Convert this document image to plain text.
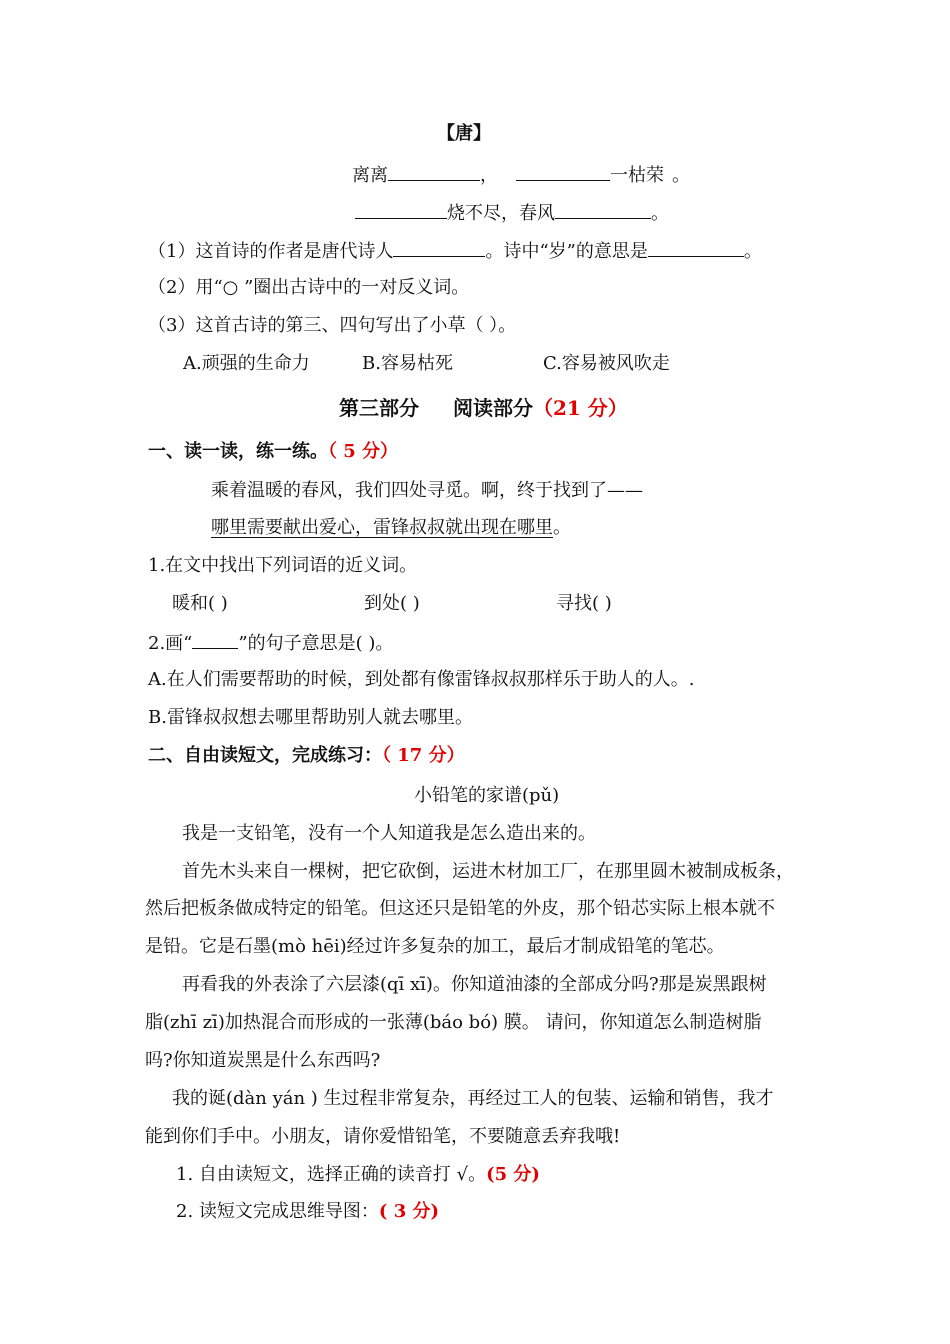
【唐】
离离	，	一枯荣 。
烧不尽，春风	。
（1）这首诗的作者是唐代诗人	。诗中“岁”的意思是	。
（2）用“○ ”圈出古诗中的一对反义词。
（3）这首古诗的第三、四句写出了小草（ ）。
A.顽强的生命力	B.容易枯死	C.容易被风吹走
第三部分 阅读部分（21 分）
一、读一读，练一练。（ 5 分）
乘着温暖的春风，我们四处寻觅。啊，终于找到了——
哪里需要献出爱心，雷锋叔叔就出现在哪里。
1.在文中找出下列词语的近义词。
暖和( )	到处( )	寻找( )
2.画“	”的句子意思是( )。
A.在人们需要帮助的时候，到处都有像雷锋叔叔那样乐于助人的人。.
B.雷锋叔叔想去哪里帮助别人就去哪里。
二、自由读短文，完成练习：（ 17 分）
小铅笔的家谱(pǔ)
我是一支铅笔，没有一个人知道我是怎么造出来的。
首先木头来自一棵树，把它砍倒，运进木材加工厂，在那里圆木被制成板条，
然后把板条做成特定的铅笔。但这还只是铅笔的外皮，那个铅芯实际上根本就不
是铅。它是石墨(mò hēi)经过许多复杂的加工，最后才制成铅笔的笔芯。
再看我的外表涂了六层漆(qī xī)。你知道油漆的全部成分吗?那是炭黑跟树
脂(zhī zī)加热混合而形成的一张薄(báo bó) 膜。 请问，你知道怎么制造树脂
吗?你知道炭黑是什么东西吗?
我的诞(dàn yán ) 生过程非常复杂，再经过工人的包装、运输和销售，我才
能到你们手中。小朋友，请你爱惜铅笔，不要随意丢弃我哦!
1. 自由读短文，选择正确的读音打 √。(5 分)
2. 读短文完成思维导图：( 3 分)
